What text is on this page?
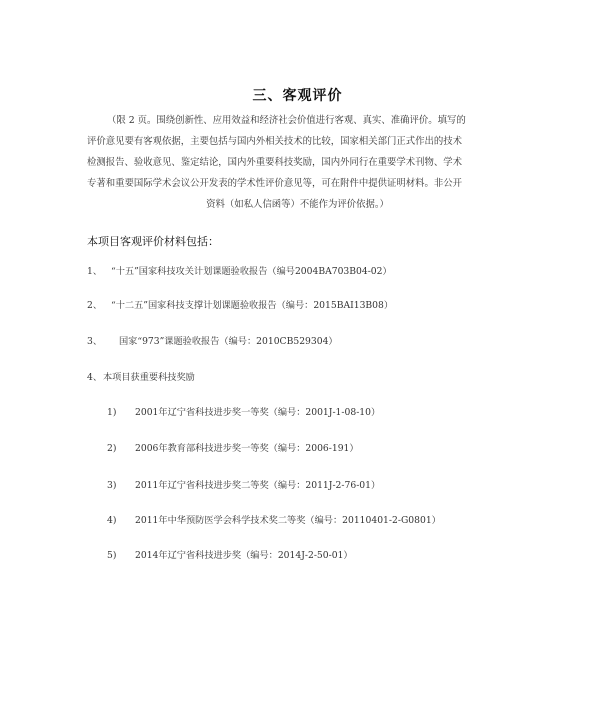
三、客观评价
（限 2 页。围绕创新性、应用效益和经济社会价值进行客观、真实、准确评价。填写的
评价意见要有客观依据，主要包括与国内外相关技术的比较，国家相关部门正式作出的技术
检测报告、验收意见、鉴定结论，国内外重要科技奖励，国内外同行在重要学术刊物、学术
专著和重要国际学术会议公开发表的学术性评价意见等，可在附件中提供证明材料。非公开
资料（如私人信函等）不能作为评价依据。）
本项目客观评价材料包括：
1、 “十五”国家科技攻关计划课题验收报告（编号2004BA703B04-02）
2、 “十二五”国家科技支撑计划课题验收报告（编号：2015BAI13B08）
3、 国家“973”课题验收报告（编号：2010CB529304）
4、本项目获重要科技奖励
1) 2001年辽宁省科技进步奖一等奖（编号：2001J-1-08-10）
2) 2006年教育部科技进步奖一等奖（编号：2006-191）
3) 2011年辽宁省科技进步奖二等奖（编号：2011J-2-76-01）
4) 2011年中华预防医学会科学技术奖二等奖（编号：20110401-2-G0801）
5) 2014年辽宁省科技进步奖（编号：2014J-2-50-01）
